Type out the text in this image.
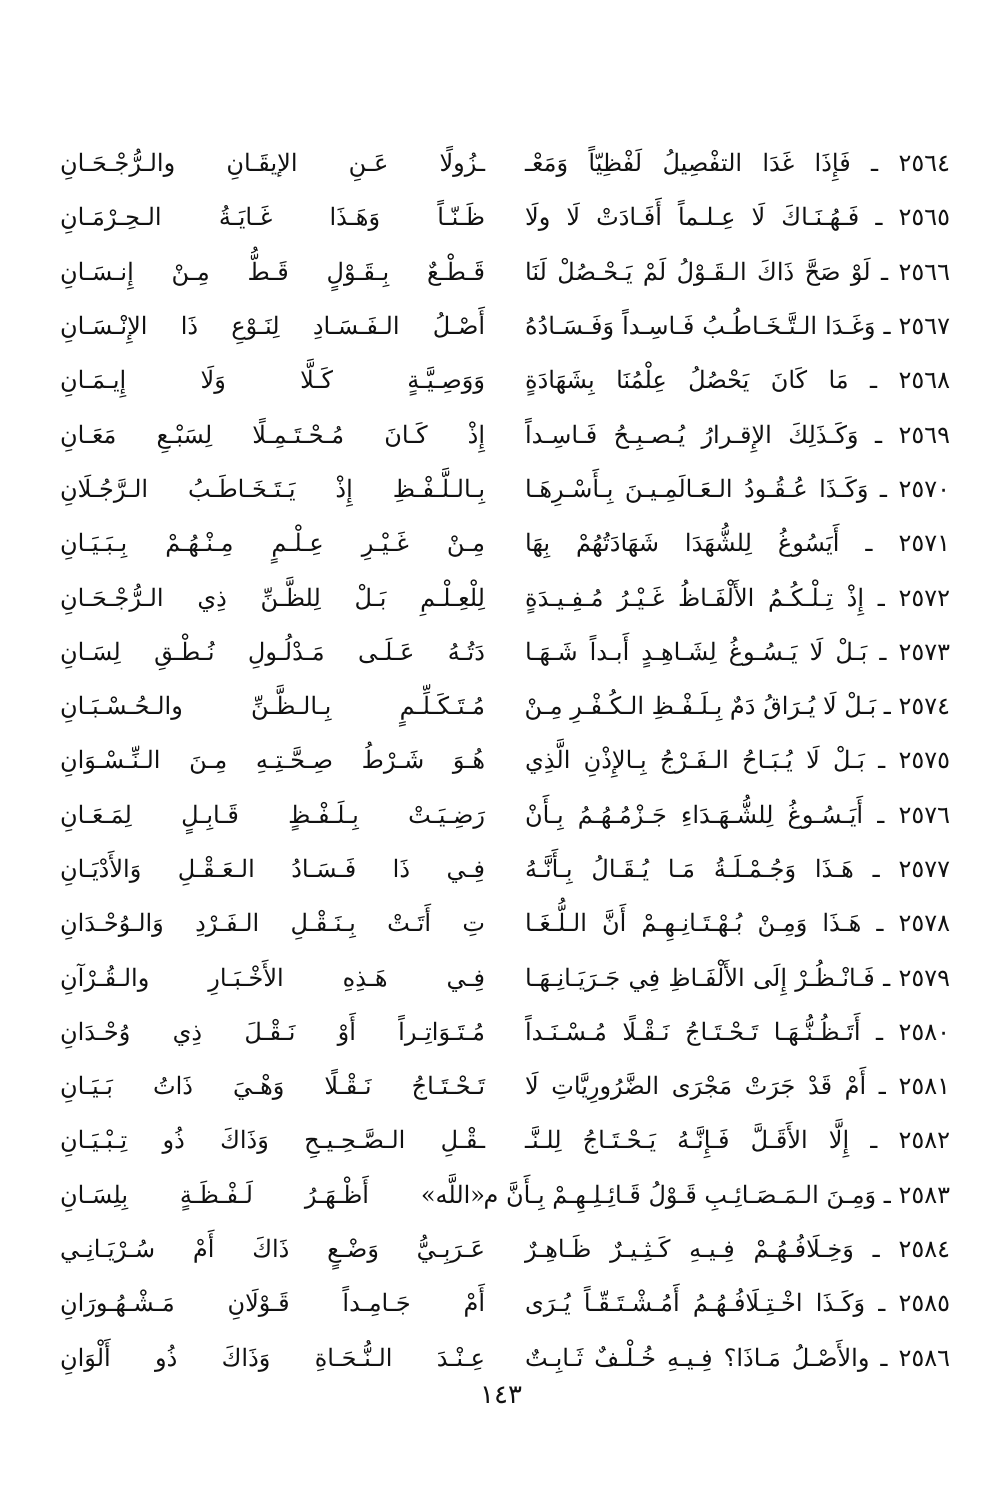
٢٥٦٤ ـ فَإِذَا غَدَا التفْصِيلُ لَفْظِيّاً وَمَعْـ
ـزُولًا عَـنِ الإيقَـانِ والـرُّجْـحَـانِ
٢٥٦٥ ـ فَـهُـنَـاكَ لَا عِـلـماً أَفَـادَتْ لَا ولَا
ظَـنّـاً وَهَـذَا غَـايَـةُ الـحِـرْمَـانِ
٢٥٦٦ ـ لَوْ صَحَّ ذَاكَ الـقَـوْلُ لَمْ يَـحْـصُلْ لَنَا
قَـطْـعٌ بِـقَـوْلٍ قَـطُّ مِـنْ إِنـسَـانِ
٢٥٦٧ ـ وَغَـدَا الـتَّـخَـاطُـبُ فَـاسِـداً وَفَـسَـادُهُ
أَصْـلُ الـفَـسَـادِ لِنَـوْعِ ذَا الإِنْـسَـانِ
٢٥٦٨ ـ مَا كَانَ يَحْصُلُ عِلْمُنَا بِشَهَادَةٍ
وَوَصِـيَّـةٍ كَـلَّا وَلَا إِيـمَـانِ
٢٥٦٩ ـ وَكَـذَلِكَ الإِقـرارُ يُـصـبِـحُ فَـاسِـداً
إِذْ كَـانَ مُـحْـتَـمِـلًا لِسَبْـعِ مَعَـانِ
٢٥٧٠ ـ وَكَـذَا عُـقُـودُ الـعَـالَمِـيـنَ بِـأَسْـرِهَـا
بِـالـلَّـفْـظِ إِذْ يَـتَـخَـاطَـبُ الـرَّجُـلَانِ
٢٥٧١ ـ أَيَسُوغُ لِلشُّهَدَا شَهَادَتُهُمْ بِهَا
مِـنْ غَـيْـرِ عِـلْـمٍ مِـنْـهُـمْ بِـبَـيَـانِ
٢٥٧٢ ـ إِذْ تِـلْـكُـمُ الأَلْفَـاظُ غَـيْـرُ مُـفِـيـدَةٍ
لِلْعِـلْـمِ بَـلْ لِلظَّـنِّ ذِي الـرُّجْـحَـانِ
٢٥٧٣ ـ بَـلْ لَا يَـسُـوغُ لِشَـاهِـدٍ أَبـداً شَـهَـا
دَتُـهُ عَـلَـى مَـدْلُـولِ نُـطْـقِ لِسَـانِ
٢٥٧٤ ـ بَـلْ لَا يُـرَاقُ دَمٌ بِـلَـفْـظِ الـكُـفْـرِ مِـنْ
مُـتَـكَـلِّـمٍ بِـالـظَّـنِّ والـحُـسْـبَـانِ
٢٥٧٥ ـ بَـلْ لَا يُـبَـاحُ الـفَـرْجُ بِـالإِذْنِ الَّذِي
هُـوَ شَـرْطُ صِـحَّـتِـهِ مِـنَ الـنِّـسْـوَانِ
٢٥٧٦ ـ أَيَـسُـوغُ لِلشُّـهَـدَاءِ جَـزْمُـهُـمُ بِـأَنْ
رَضِـيَـتْ بِـلَـفْـظٍ قَـابِـلٍ لِمَـعَـانِ
٢٥٧٧ ـ هَـذَا وَجُـمْـلَـةُ مَـا يُـقَـالُ بِـأَنَّـهُ
فِـي ذَا فَـسَـادُ الـعَـقْـلِ وَالأَدْيَـانِ
٢٥٧٨ ـ هَـذَا وَمِـنْ بُـهْـتَـانِـهِـمْ أَنَّ الـلُّـغَـا
تِ أَتَـتْ بِـنَـقْـلِ الـفَـرْدِ وَالـوُحْـدَانِ
٢٥٧٩ ـ فَـانْـظُـرْ إِلَى الأَلْفَـاظِ فِي جَـرَيَـانِـهَـا
فِـي هَـذِهِ الأَخْـبَـارِ والـقُـرْآنِ
٢٥٨٠ ـ أَتَـظُـنُّـهَـا تَـحْـتَـاجُ نَـقْـلًا مُـسْـنَـداً
مُـتَـوَاتِـراً أَوْ نَـقْـلَ ذِي وُحْـدَانِ
٢٥٨١ ـ أَمْ قَدْ جَرَتْ مَجْرَى الضَّرُورِيَّاتِ لَا
تَـحْـتَـاجُ نَـقْـلًا وَهْـيَ ذَاتُ بَـيَـانِ
٢٥٨٢ ـ إِلَّا الأَقَـلَّ فَـإِنَّـهُ يَـحْـتَـاجُ لِلـنَّـ
ـقْـلِ الـصَّـحِـيـحِ وَذَاكَ ذُو تِـبْـيَـانِ
٢٥٨٣ ـ وَمِـنَ الـمَـصَـائِـبِ قَـوْلُ قَـائِـلِـهِـمْ بِـأَنَّ م
«اللَّه» أَظْـهَـرُ لَـفْـظَـةٍ بِلِسَـانِ
٢٥٨٤ ـ وَخِـلَافُـهُـمْ فِـيـهِ كَـثِـيـرٌ ظَـاهِـرٌ
عَـرَبِـيُّ وَضْـعٍ ذَاكَ أَمْ سُـرْيَـانِـي
٢٥٨٥ ـ وَكَـذَا اخْـتِـلَافُـهُـمُ أَمُـشْـتَـقّـاً يُـرَى
أَمْ جَـامِـداً قَـوْلَانِ مَـشْـهُـورَانِ
٢٥٨٦ ـ والأَصْـلُ مَـاذَا؟ فِـيـهِ خُـلْـفٌ ثَـابِـتٌ
عِـنْـدَ الـنُّـحَـاةِ وَذَاكَ ذُو أَلْوَانِ
١٤٣
